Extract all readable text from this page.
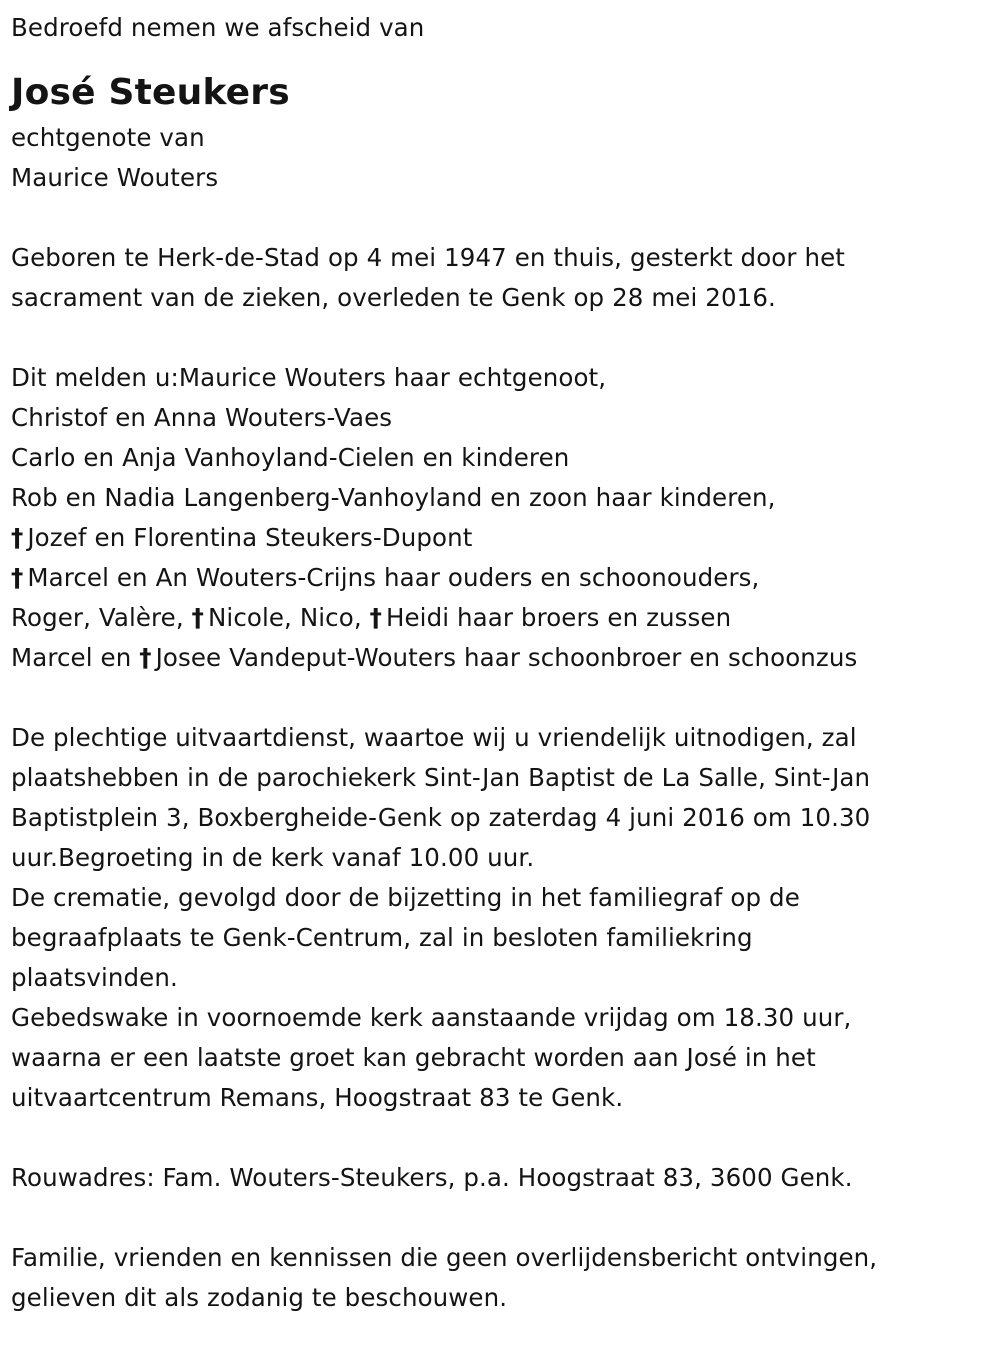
Bedroefd nemen we afscheid van
José Steukers
echtgenote van
Maurice Wouters
Geboren te Herk-de-Stad op 4 mei 1947 en thuis, gesterkt door het
sacrament van de zieken, overleden te Genk op 28 mei 2016.
Dit melden u:Maurice Wouters haar echtgenoot,
Christof en Anna Wouters-Vaes
Carlo en Anja Vanhoyland-Cielen en kinderen
Rob en Nadia Langenberg-Vanhoyland en zoon haar kinderen,
† Jozef en Florentina Steukers-Dupont
† Marcel en An Wouters-Crijns haar ouders en schoonouders,
Roger, Valère, † Nicole, Nico, † Heidi haar broers en zussen
Marcel en † Josee Vandeput-Wouters haar schoonbroer en schoonzus
De plechtige uitvaartdienst, waartoe wij u vriendelijk uitnodigen, zal
plaatshebben in de parochiekerk Sint-Jan Baptist de La Salle, Sint-Jan
Baptistplein 3, Boxbergheide-Genk op zaterdag 4 juni 2016 om 10.30
uur.Begroeting in de kerk vanaf 10.00 uur.
De crematie, gevolgd door de bijzetting in het familiegraf op de
begraafplaats te Genk-Centrum, zal in besloten familiekring
plaatsvinden.
Gebedswake in voornoemde kerk aanstaande vrijdag om 18.30 uur,
waarna er een laatste groet kan gebracht worden aan José in het
uitvaartcentrum Remans, Hoogstraat 83 te Genk.
Rouwadres: Fam. Wouters-Steukers, p.a. Hoogstraat 83, 3600 Genk.
Familie, vrienden en kennissen die geen overlijdensbericht ontvingen,
gelieven dit als zodanig te beschouwen.
